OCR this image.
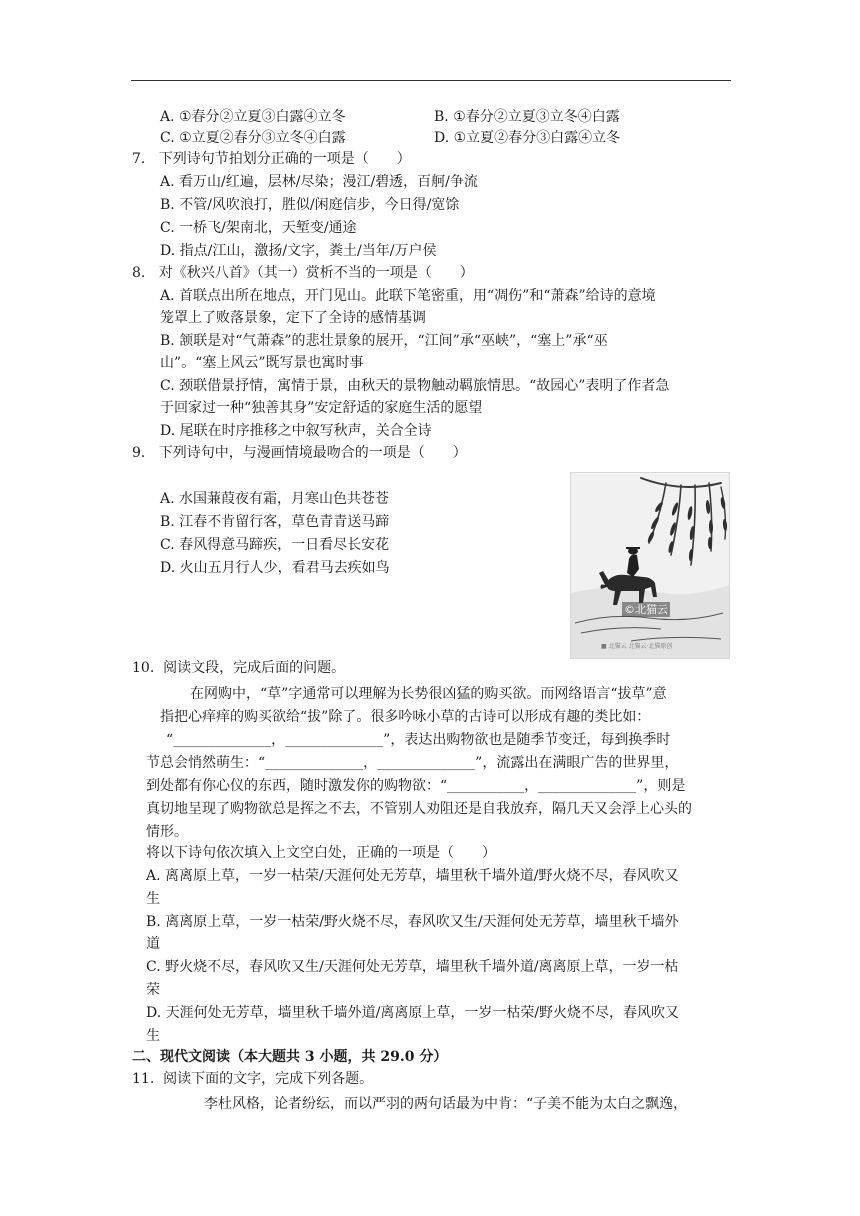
A. ①春分②立夏③白露④立冬	B. ①春分②立夏③立冬④白露
C. ①立夏②春分③立冬④白露	D. ①立夏②春分③白露④立冬
7.   下列诗句节拍划分正确的一项是（　　）
A. 看万山/红遍，层林/尽染；漫江/碧透，百舸/争流
B. 不管/风吹浪打，胜似/闲庭信步，今日得/宽馀
C. 一桥飞/架南北，天堑变/通途
D. 指点/江山，激扬/文字，粪土/当年/万户侯
8.   对《秋兴八首》（其一）赏析不当的一项是（　　）
A. 首联点出所在地点，开门见山。此联下笔密重，用“凋伤”和“萧森”给诗的意境
笼罩上了败落景象，定下了全诗的感情基调
B. 颔联是对“气萧森”的悲壮景象的展开，“江间”承“巫峡”，“塞上”承“巫
山”。“塞上风云”既写景也寓时事
C. 颈联借景抒情，寓情于景，由秋天的景物触动羁旅情思。“故园心”表明了作者急
于回家过一种“独善其身”安定舒适的家庭生活的愿望
D. 尾联在时序推移之中叙写秋声，关合全诗
9.   下列诗句中，与漫画情境最吻合的一项是（　　）
A. 水国蒹葭夜有霜，月寒山色共苍苍
B. 江春不肯留行客，草色青青送马蹄
C. 春风得意马蹄疾，一日看尽长安花
D. 火山五月行人少，看君马去疾如鸟
©北猫云
■ 北猫云 北猫云·北猫原创
10.  阅读文段，完成后面的问题。
在网购中，“草”字通常可以理解为长势很凶猛的购买欲。而网络语言“拔草”意
指把心痒痒的购买欲给“拔”除了。很多吟咏小草的古诗可以形成有趣的类比如：
“______________，______________”，表达出购物欲也是随季节变迁，每到换季时
节总会悄然萌生：“______________，______________”，流露出在满眼广告的世界里，
到处都有你心仪的东西，随时激发你的购物欲：“___________，______________”，则是
真切地呈现了购物欲总是挥之不去，不管别人劝阻还是自我放弃，隔几天又会浮上心头的
情形。
将以下诗句依次填入上文空白处，正确的一项是（　　）
A. 离离原上草，一岁一枯荣/天涯何处无芳草，墙里秋千墙外道/野火烧不尽，春风吹又
生
B. 离离原上草，一岁一枯荣/野火烧不尽，春风吹又生/天涯何处无芳草，墙里秋千墙外
道
C. 野火烧不尽，春风吹又生/天涯何处无芳草，墙里秋千墙外道/离离原上草，一岁一枯
荣
D. 天涯何处无芳草，墙里秋千墙外道/离离原上草，一岁一枯荣/野火烧不尽，春风吹又
生
二、现代文阅读（本大题共 3 小题，共 29.0 分）
11.  阅读下面的文字，完成下列各题。
李杜风格，论者纷纭，而以严羽的两句话最为中肯：“子美不能为太白之飘逸，
